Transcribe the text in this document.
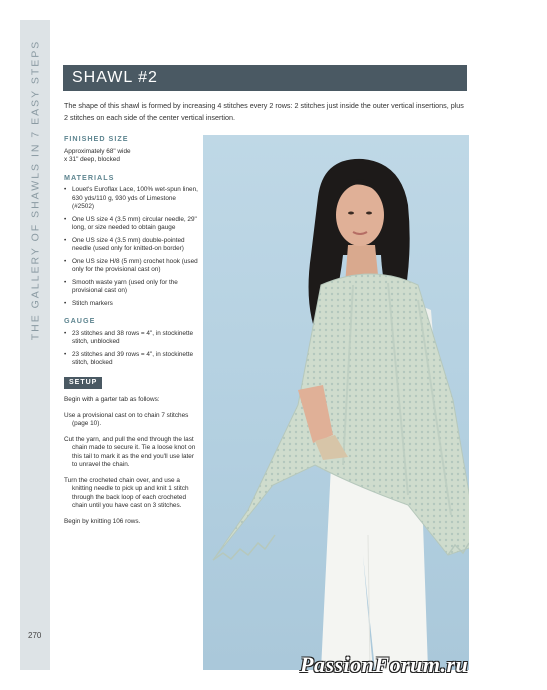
THE GALLERY OF SHAWLS IN 7 EASY STEPS
270
SHAWL #2
The shape of this shawl is formed by increasing 4 stitches every 2 rows: 2 stitches just inside the outer vertical insertions, plus 2 stitches on each side of the center vertical insertion.
FINISHED SIZE
Approximately 68" wide
x 31" deep, blocked
MATERIALS
• Louet's Euroflax Lace, 100% wet-spun linen, 630 yds/110 g, 930 yds of Limestone (#2502)
• One US size 4 (3.5 mm) circular needle, 29" long, or size needed to obtain gauge
• One US size 4 (3.5 mm) double-pointed needle (used only for knitted-on border)
• One US size H/8 (5 mm) crochet hook (used only for the provisional cast on)
• Smooth waste yarn (used only for the provisional cast on)
• Stitch markers
GAUGE
• 23 stitches and 38 rows = 4", in stockinette stitch, unblocked
• 23 stitches and 39 rows = 4", in stockinette stitch, blocked
SETUP

Begin with a garter tab as follows:

Use a provisional cast on to chain 7 stitches (page 10).

Cut the yarn, and pull the end through the last chain made to secure it. Tie a loose knot on this tail to mark it as the end you'll use later to unravel the chain.

Turn the crocheted chain over, and use a knitting needle to pick up and knit 1 stitch through the back loop of each crocheted chain until you have cast on 3 stitches.

Begin by knitting 106 rows.

PassionForum.ru
